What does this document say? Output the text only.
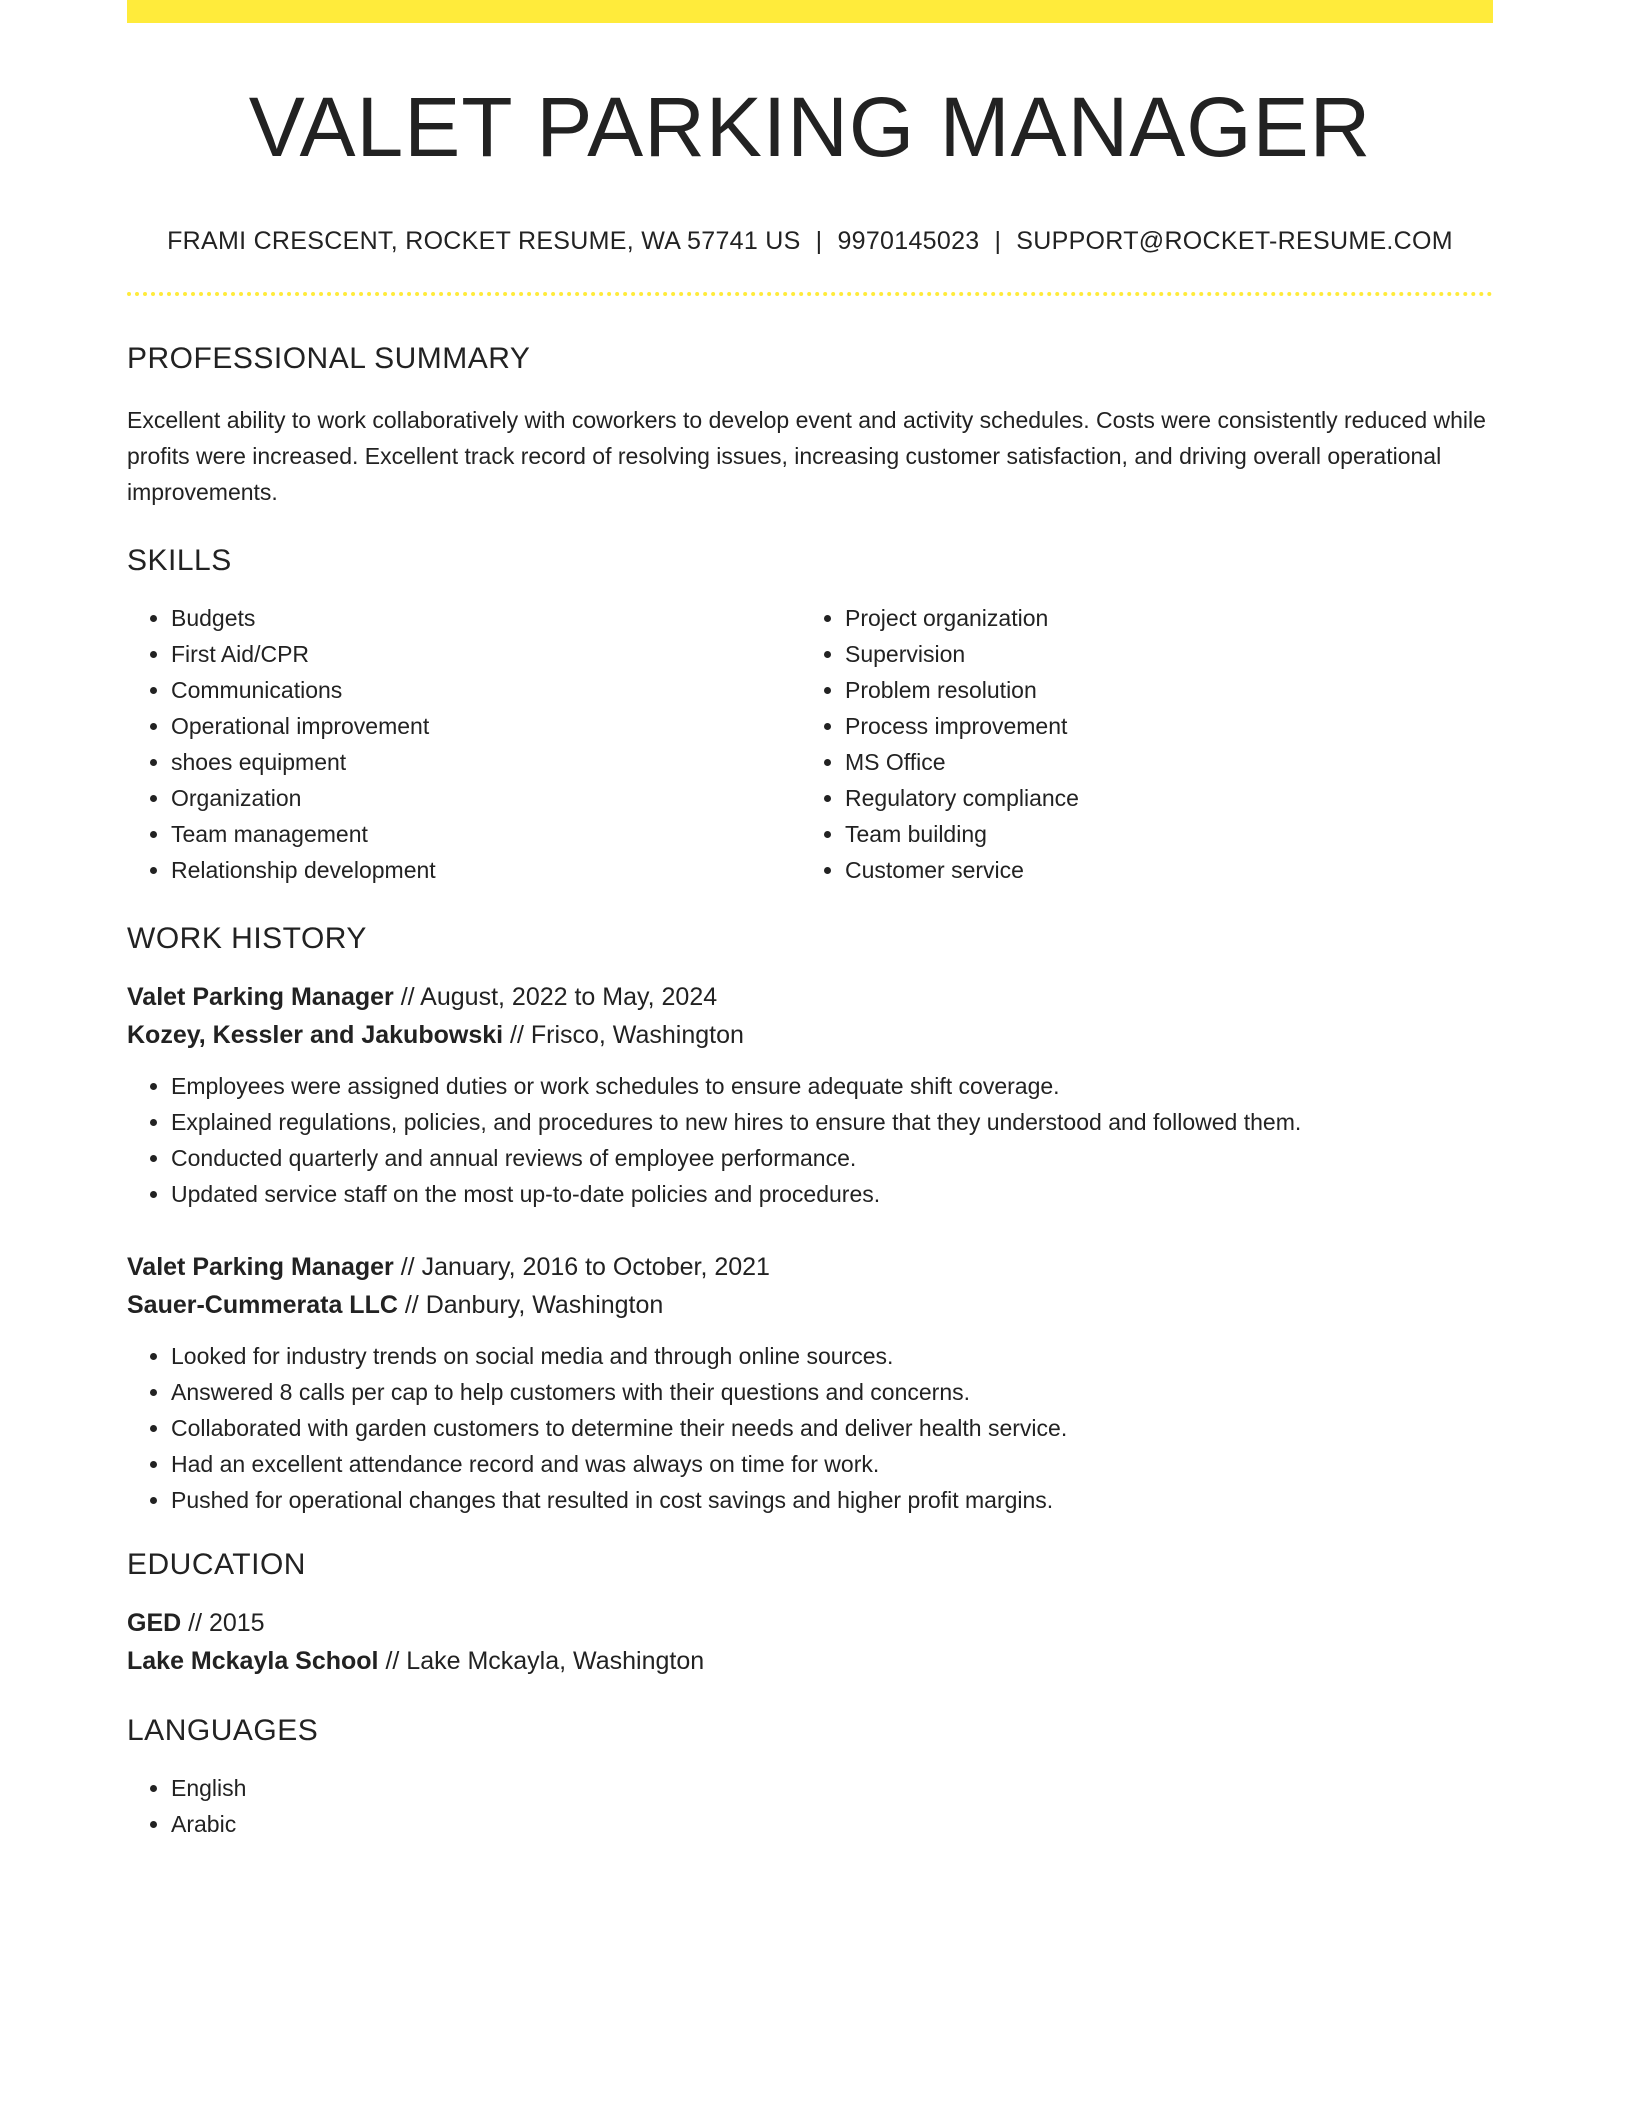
VALET PARKING MANAGER
FRAMI CRESCENT, ROCKET RESUME, WA 57741 US | 9970145023 | SUPPORT@ROCKET-RESUME.COM
PROFESSIONAL SUMMARY
Excellent ability to work collaboratively with coworkers to develop event and activity schedules. Costs were consistently reduced while profits were increased. Excellent track record of resolving issues, increasing customer satisfaction, and driving overall operational improvements.
SKILLS
• Budgets
• First Aid/CPR
• Communications
• Operational improvement
• shoes equipment
• Organization
• Team management
• Relationship development
• Project organization
• Supervision
• Problem resolution
• Process improvement
• MS Office
• Regulatory compliance
• Team building
• Customer service
WORK HISTORY
Valet Parking Manager // August, 2022 to May, 2024
Kozey, Kessler and Jakubowski // Frisco, Washington
• Employees were assigned duties or work schedules to ensure adequate shift coverage.
• Explained regulations, policies, and procedures to new hires to ensure that they understood and followed them.
• Conducted quarterly and annual reviews of employee performance.
• Updated service staff on the most up-to-date policies and procedures.
Valet Parking Manager // January, 2016 to October, 2021
Sauer-Cummerata LLC // Danbury, Washington
• Looked for industry trends on social media and through online sources.
• Answered 8 calls per cap to help customers with their questions and concerns.
• Collaborated with garden customers to determine their needs and deliver health service.
• Had an excellent attendance record and was always on time for work.
• Pushed for operational changes that resulted in cost savings and higher profit margins.
EDUCATION
GED // 2015
Lake Mckayla School // Lake Mckayla, Washington
LANGUAGES
• English
• Arabic
